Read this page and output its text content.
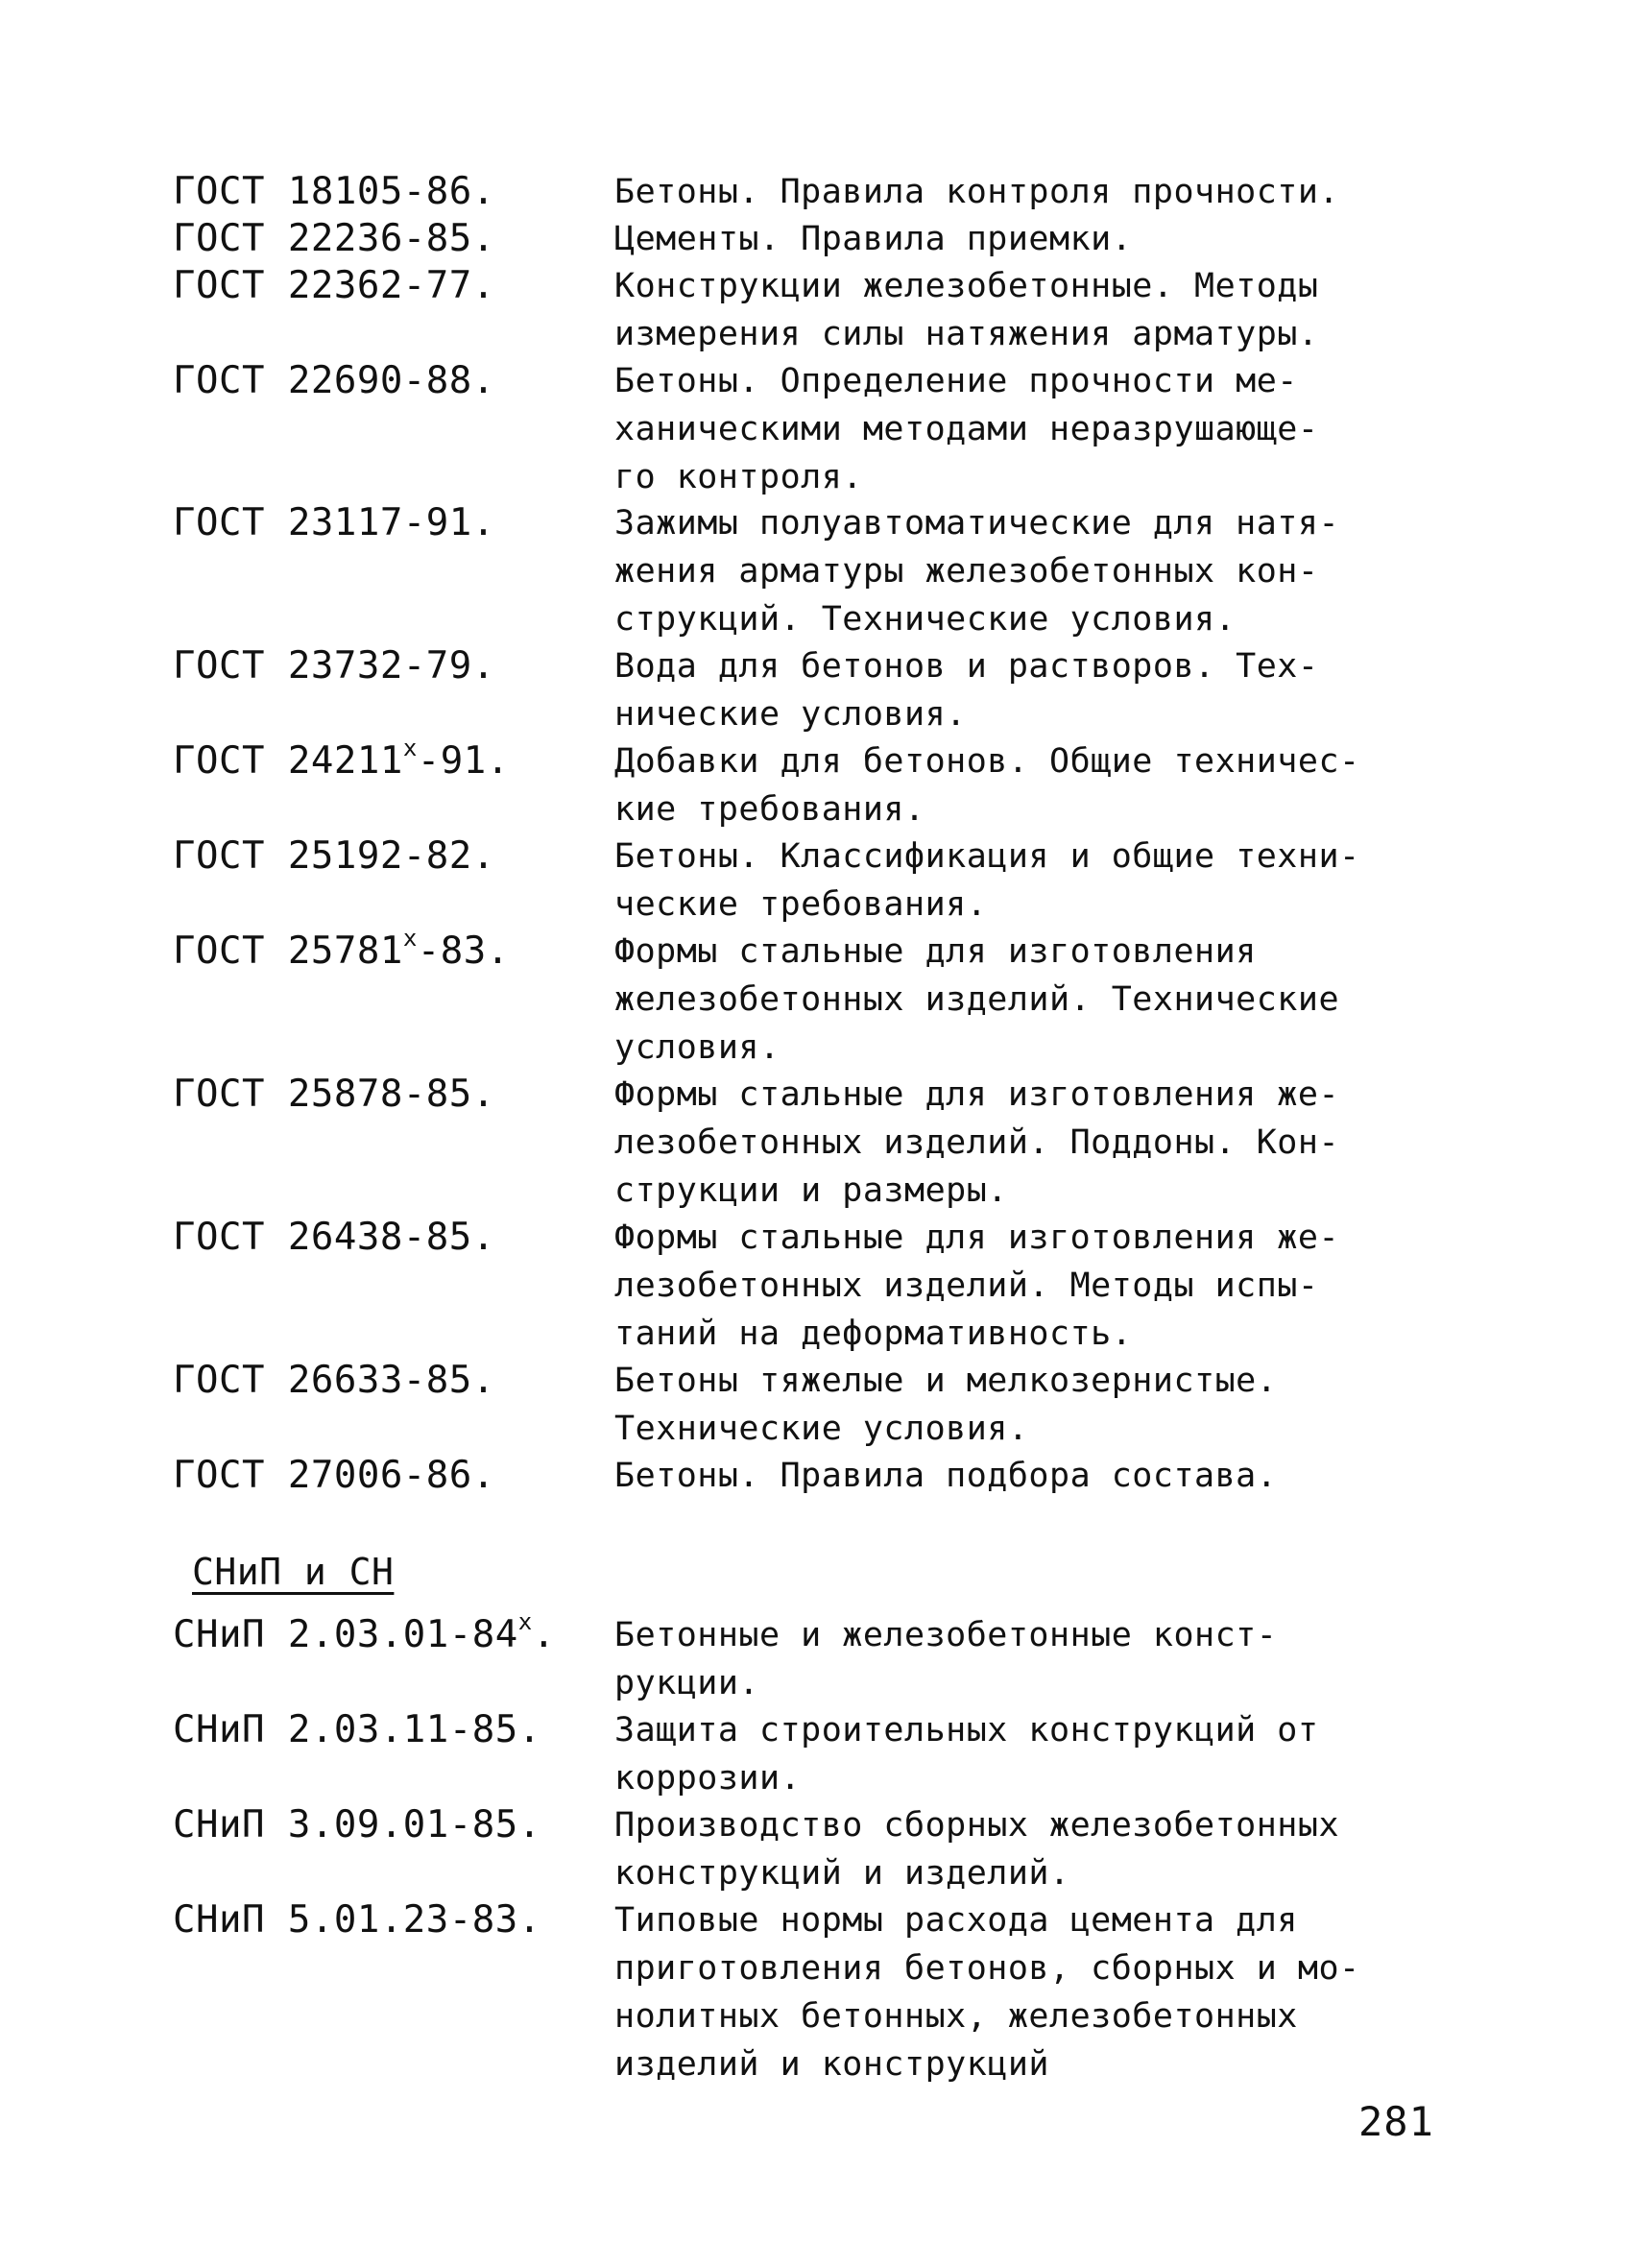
ГОСТ 18105-86.	Бетоны. Правила контроля прочности.
ГОСТ 22236-85.	Цементы. Правила приемки.
ГОСТ 22362-77.	Конструкции железобетонные. Методы
измерения силы натяжения арматуры.
ГОСТ 22690-88.	Бетоны. Определение прочности ме-
ханическими методами неразрушающе-
го контроля.
ГОСТ 23117-91.	Зажимы полуавтоматические для натя-
жения арматуры железобетонных кон-
струкций. Технические условия.
ГОСТ 23732-79.	Вода для бетонов и растворов. Тех-
нические условия.
ГОСТ 24211$^x$-91.	Добавки для бетонов. Общие техничес-
кие требования.
ГОСТ 25192-82.	Бетоны. Классификация и общие техни-
ческие требования.
ГОСТ 25781$^x$-83.	Формы стальные для изготовления
железобетонных изделий. Технические
условия.
ГОСТ 25878-85.	Формы стальные для изготовления же-
лезобетонных изделий. Поддоны. Кон-
струкции и размеры.
ГОСТ 26438-85.	Формы стальные для изготовления же-
лезобетонных изделий. Методы испы-
таний на деформативность.
ГОСТ 26633-85.	Бетоны тяжелые и мелкозернистые.
Технические условия.
ГОСТ 27006-86.	Бетоны. Правила подбора состава.
СНиП и СН
СНиП 2.03.01-84$^x$. Бетонные и железобетонные конст-
рукции.
СНиП 2.03.11-85. Защита строительных конструкций от
коррозии.
СНиП 3.09.01-85. Производство сборных железобетонных
конструкций и изделий.
СНиП 5.01.23-83. Типовые нормы расхода цемента для
приготовления бетонов, сборных и мо-
нолитных бетонных, железобетонных
изделий и конструкций
281
